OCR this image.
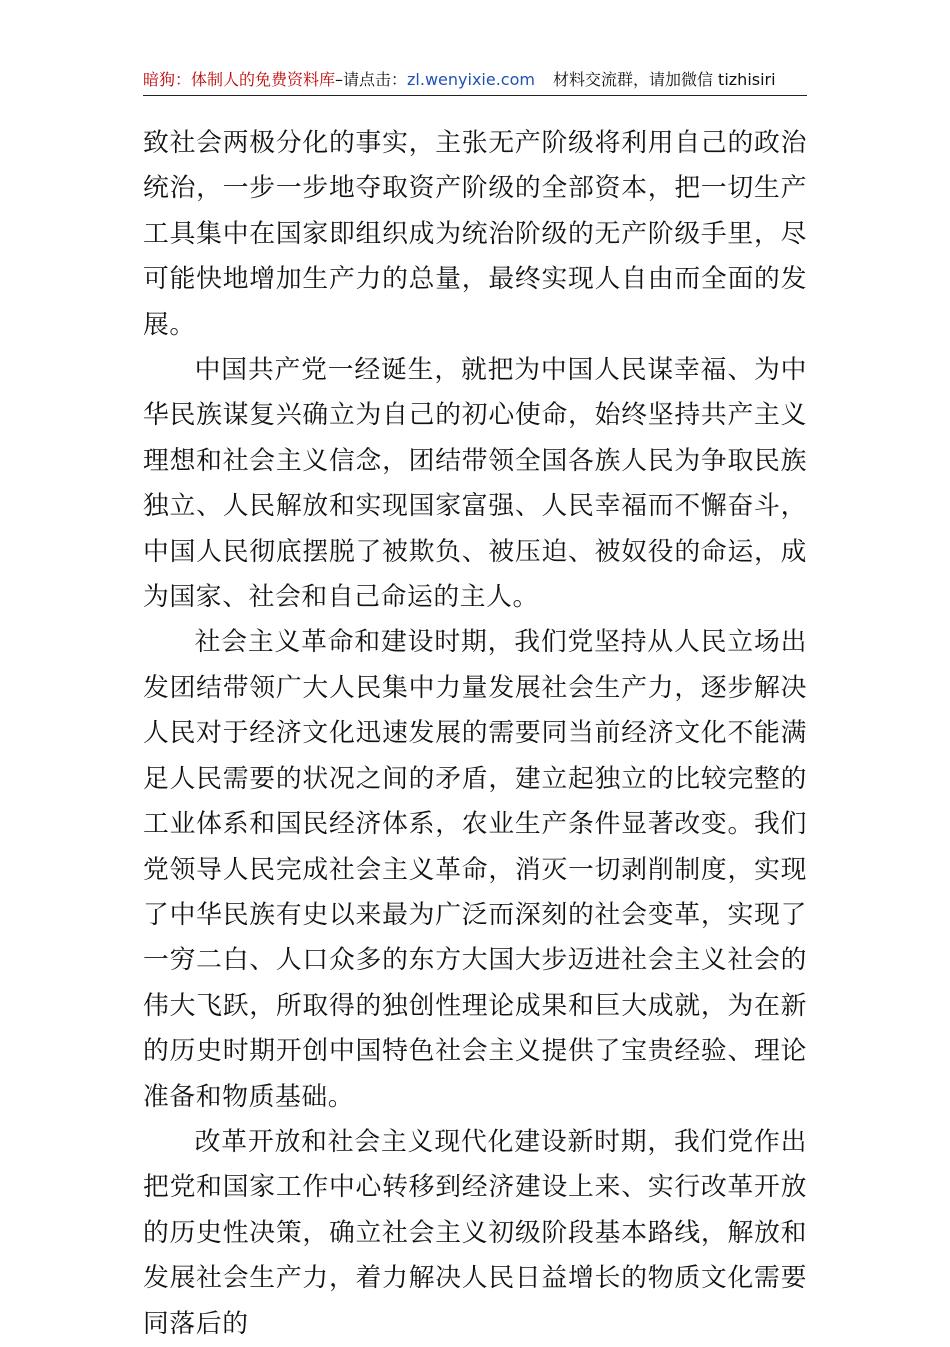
暗狗：体制人的免费资料库–请点击：zl.wenyixie.com 材料交流群，请加微信 tizhisiri

致社会两极分化的事实，主张无产阶级将利用自己的政治统治，一步一步地夺取资产阶级的全部资本，把一切生产工具集中在国家即组织成为统治阶级的无产阶级手里，尽可能快地增加生产力的总量，最终实现人自由而全面的发展。

中国共产党一经诞生，就把为中国人民谋幸福、为中华民族谋复兴确立为自己的初心使命，始终坚持共产主义理想和社会主义信念，团结带领全国各族人民为争取民族独立、人民解放和实现国家富强、人民幸福而不懈奋斗，中国人民彻底摆脱了被欺负、被压迫、被奴役的命运，成为国家、社会和自己命运的主人。

社会主义革命和建设时期，我们党坚持从人民立场出发团结带领广大人民集中力量发展社会生产力，逐步解决人民对于经济文化迅速发展的需要同当前经济文化不能满足人民需要的状况之间的矛盾，建立起独立的比较完整的工业体系和国民经济体系，农业生产条件显著改变。我们党领导人民完成社会主义革命，消灭一切剥削制度，实现了中华民族有史以来最为广泛而深刻的社会变革，实现了一穷二白、人口众多的东方大国大步迈进社会主义社会的伟大飞跃，所取得的独创性理论成果和巨大成就，为在新的历史时期开创中国特色社会主义提供了宝贵经验、理论准备和物质基础。

改革开放和社会主义现代化建设新时期，我们党作出把党和国家工作中心转移到经济建设上来、实行改革开放的历史性决策，确立社会主义初级阶段基本路线，解放和发展社会生产力，着力解决人民日益增长的物质文化需要同落后的
